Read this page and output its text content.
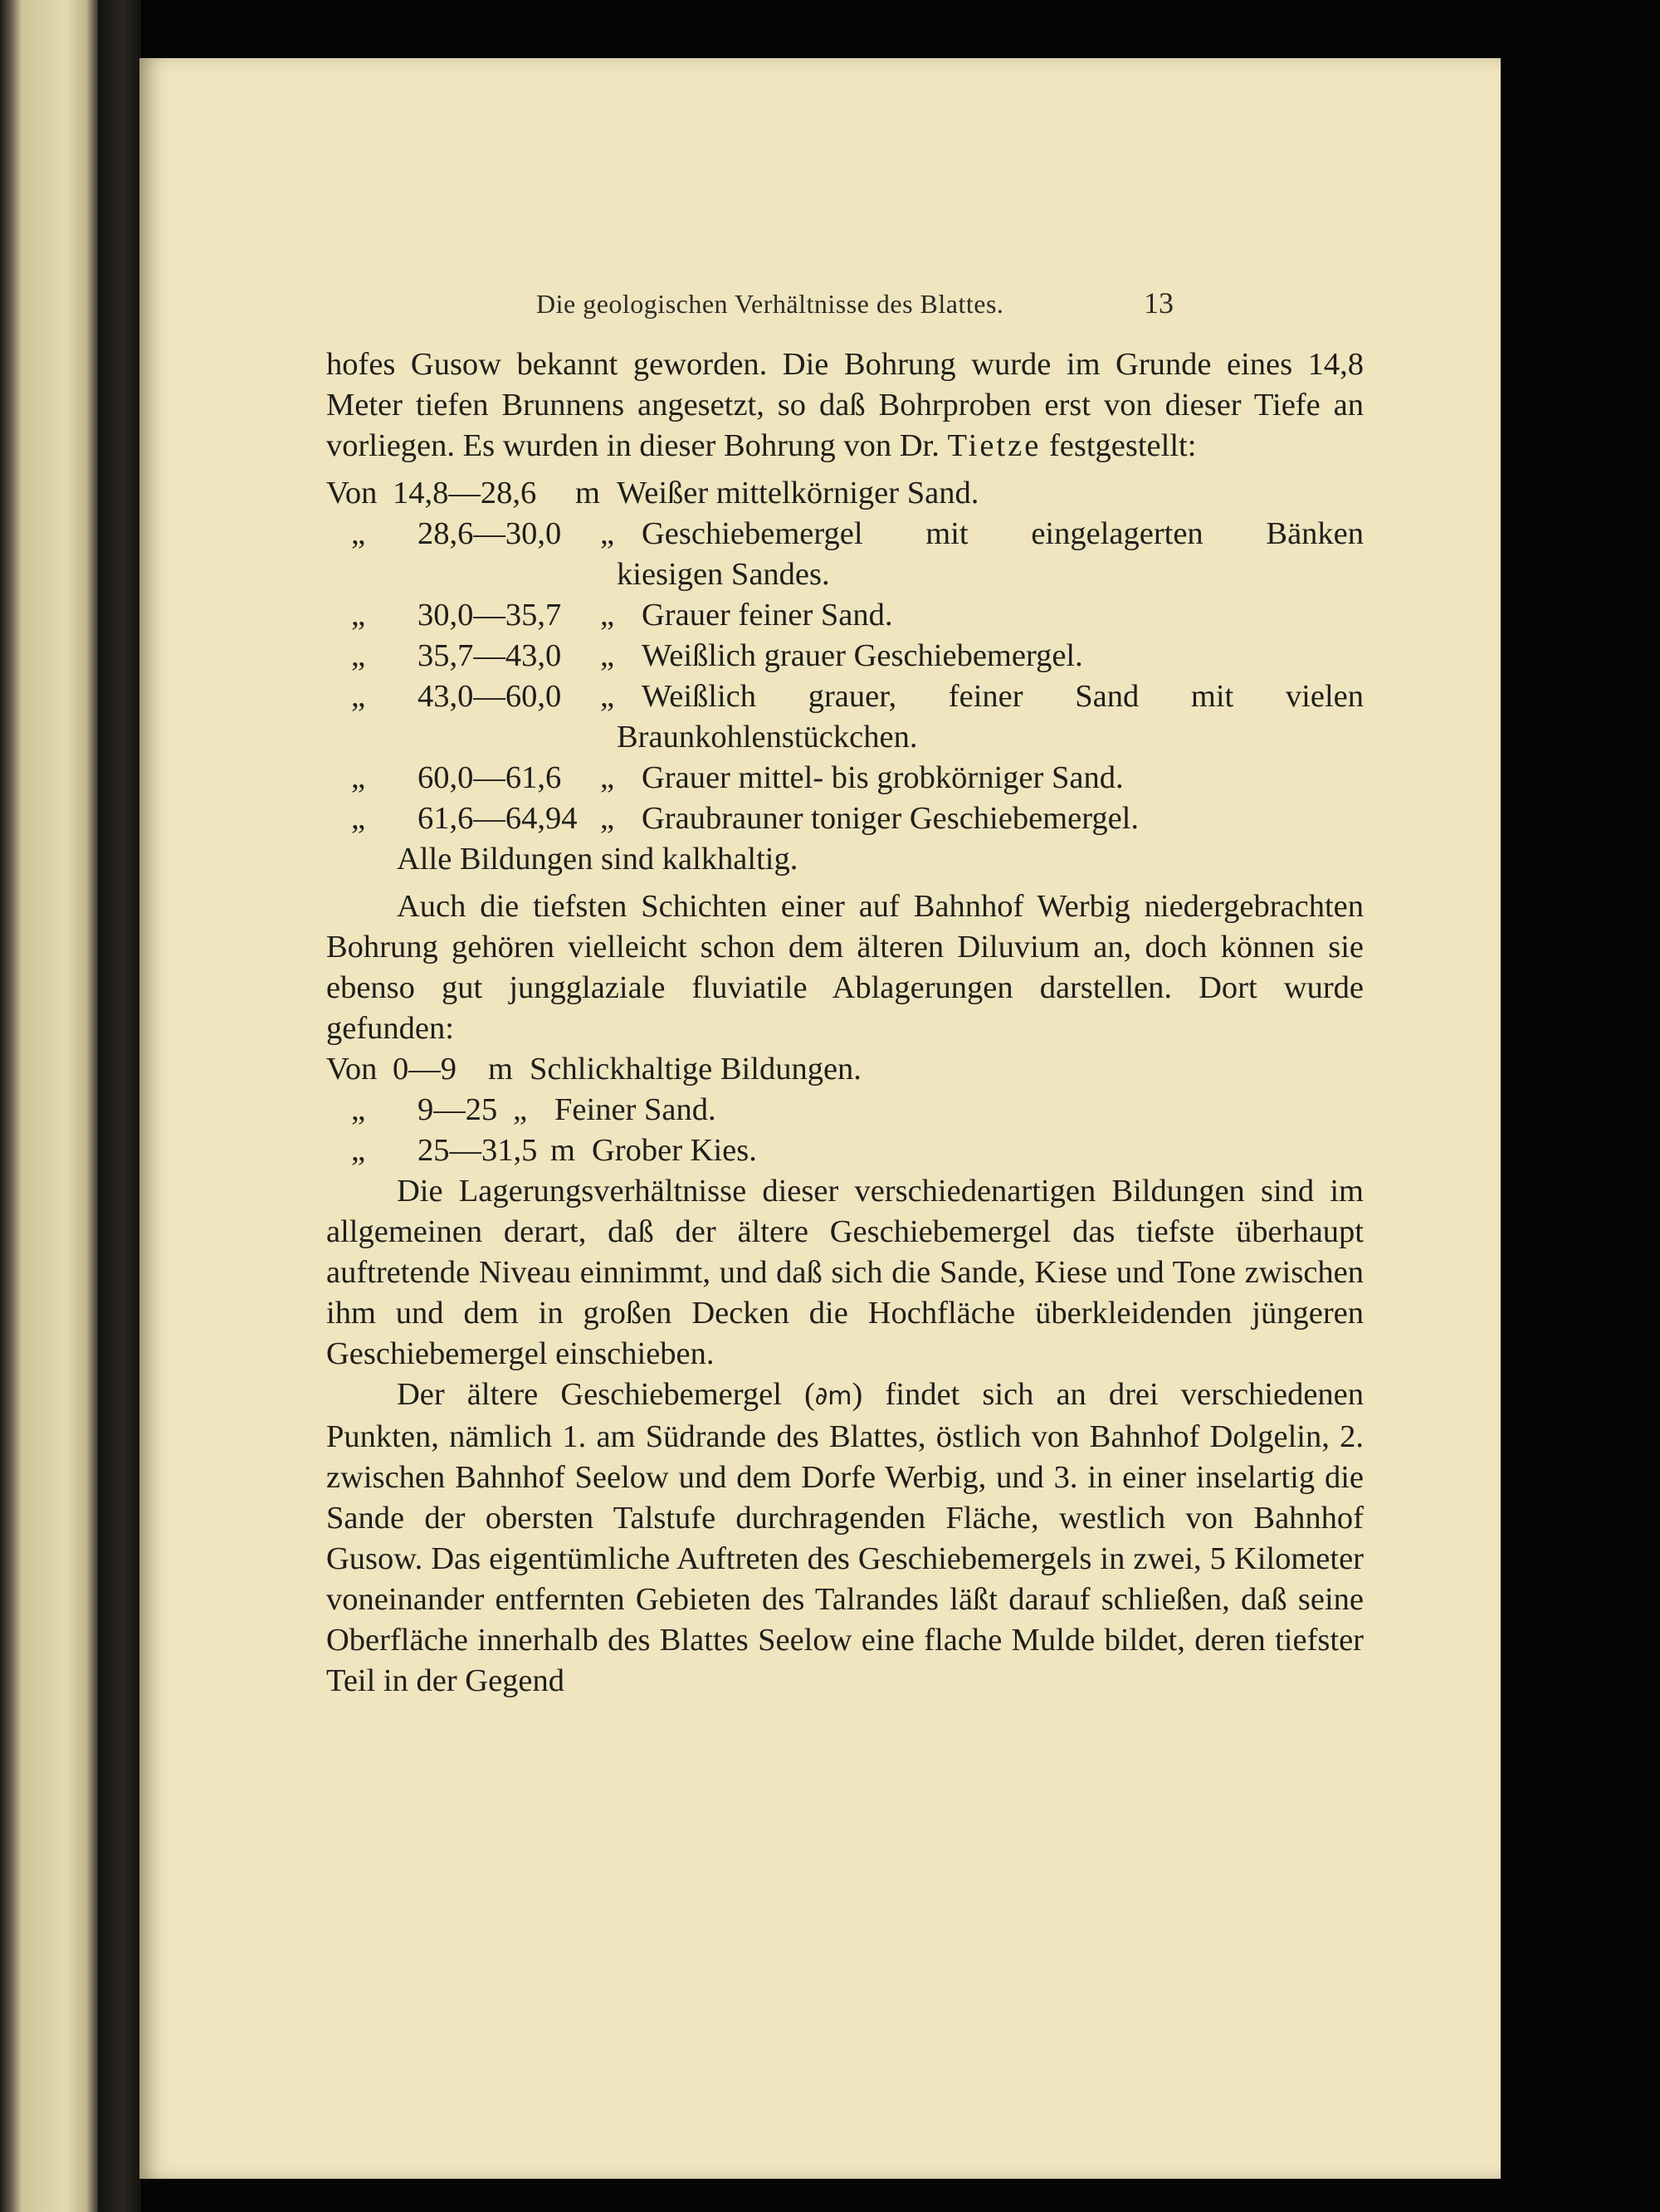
Die geologischen Verhältnisse des Blattes.	13

hofes Gusow bekannt geworden. Die Bohrung wurde im Grunde eines 14,8 Meter tiefen Brunnens angesetzt, so daß Bohrproben erst von dieser Tiefe an vorliegen. Es wurden in dieser Bohrung von Dr. Tietze festgestellt:

Von 14,8—28,6	m Weißer mittelkörniger Sand.
„	28,6—30,0	„ Geschiebemergel mit eingelagerten Bänken
kiesigen Sandes.
„	30,0—35,7	„ Grauer feiner Sand.
„	35,7—43,0	„ Weißlich grauer Geschiebemergel.
„	43,0—60,0	„ Weißlich grauer, feiner Sand mit vielen
Braunkohlenstückchen.
„	60,0—61,6	„ Grauer mittel- bis grobkörniger Sand.
„	61,6—64,94 „ Graubrauner toniger Geschiebemergel.
Alle Bildungen sind kalkhaltig.

Auch die tiefsten Schichten einer auf Bahnhof Werbig niedergebrachten Bohrung gehören vielleicht schon dem älteren Diluvium an, doch können sie ebenso gut jungglaziale fluviatile Ablagerungen darstellen. Dort wurde gefunden:

Von 0—9 m Schlickhaltige Bildungen.
„	9—25 „ Feiner Sand.
„	25—31,5 m Grober Kies.

Die Lagerungsverhältnisse dieser verschiedenartigen Bildungen sind im allgemeinen derart, daß der ältere Geschiebemergel das tiefste überhaupt auftretende Niveau einnimmt, und daß sich die Sande, Kiese und Tone zwischen ihm und dem in großen Decken die Hochfläche überkleidenden jüngeren Geschiebemergel einschieben.

Der ältere Geschiebemergel (∂m) findet sich an drei verschiedenen Punkten, nämlich 1. am Südrande des Blattes, östlich von Bahnhof Dolgelin, 2. zwischen Bahnhof Seelow und dem Dorfe Werbig, und 3. in einer inselartig die Sande der obersten Talstufe durchragenden Fläche, westlich von Bahnhof Gusow. Das eigentümliche Auftreten des Geschiebemergels in zwei, 5 Kilometer voneinander entfernten Gebieten des Talrandes läßt darauf schließen, daß seine Oberfläche innerhalb des Blattes Seelow eine flache Mulde bildet, deren tiefster Teil in der Gegend
